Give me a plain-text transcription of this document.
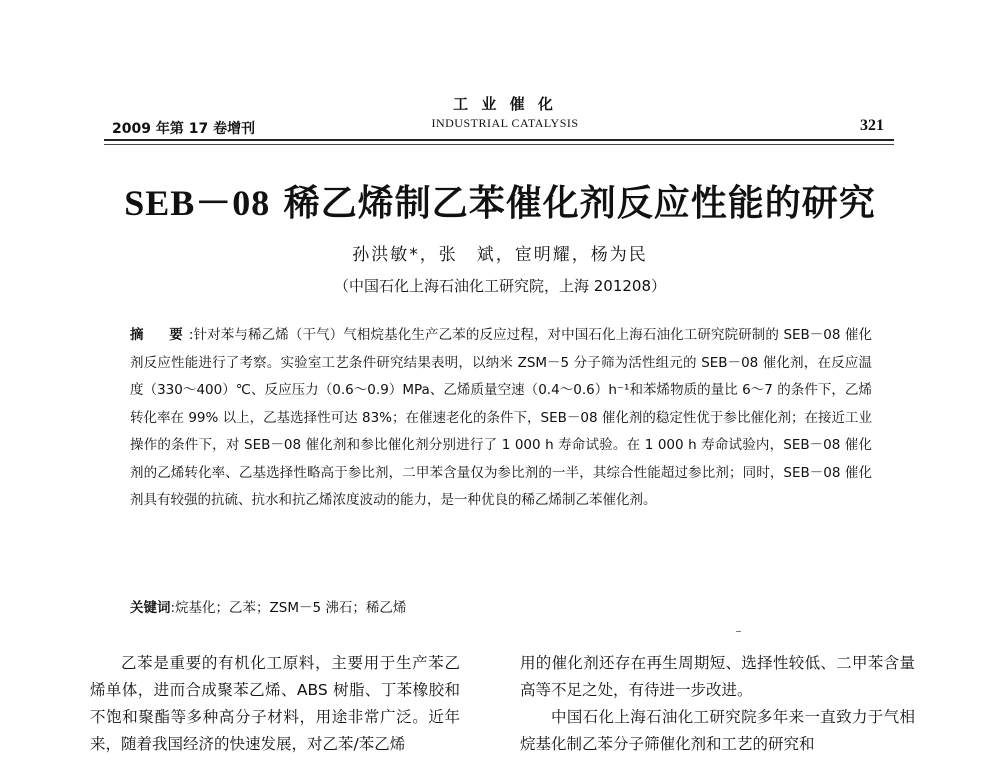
2009 年第 17 卷增刊
工 业 催 化
INDUSTRIAL CATALYSIS	321
SEB－08 稀乙烯制乙苯催化剂反应性能的研究
孙洪敏*，张　斌，宦明耀，杨为民
（中国石化上海石油化工研究院，上海 201208）
摘　要:针对苯与稀乙烯（干气）气相烷基化生产乙苯的反应过程，对中国石化上海石油化工研究院研制的 SEB－08 催化剂反应性能进行了考察。实验室工艺条件研究结果表明，以纳米 ZSM－5 分子筛为活性组元的 SEB－08 催化剂，在反应温度（330～400）℃、反应压力（0.6～0.9）MPa、乙烯质量空速（0.4～0.6）h⁻¹和苯烯物质的量比 6～7 的条件下，乙烯转化率在 99% 以上，乙基选择性可达 83%；在催速老化的条件下，SEB－08 催化剂的稳定性优于参比催化剂；在接近工业操作的条件下，对 SEB－08 催化剂和参比催化剂分别进行了 1 000 h 寿命试验。在 1 000 h 寿命试验内，SEB－08 催化剂的乙烯转化率、乙基选择性略高于参比剂，二甲苯含量仅为参比剂的一半，其综合性能超过参比剂；同时，SEB－08 催化剂具有较强的抗硫、抗水和抗乙烯浓度波动的能力，是一种优良的稀乙烯制乙苯催化剂。
关键词:烷基化；乙苯；ZSM－5 沸石；稀乙烯

乙苯是重要的有机化工原料，主要用于生产苯乙烯单体，进而合成聚苯乙烯、ABS 树脂、丁苯橡胶和不饱和聚酯等多种高分子材料，用途非常广泛。近年来，随着我国经济的快速发展，对乙苯/苯乙烯

用的催化剂还存在再生周期短、选择性较低、二甲苯含量高等不足之处，有待进一步改进。

中国石化上海石油化工研究院多年来一直致力于气相烷基化制乙苯分子筛催化剂和工艺的研究和
